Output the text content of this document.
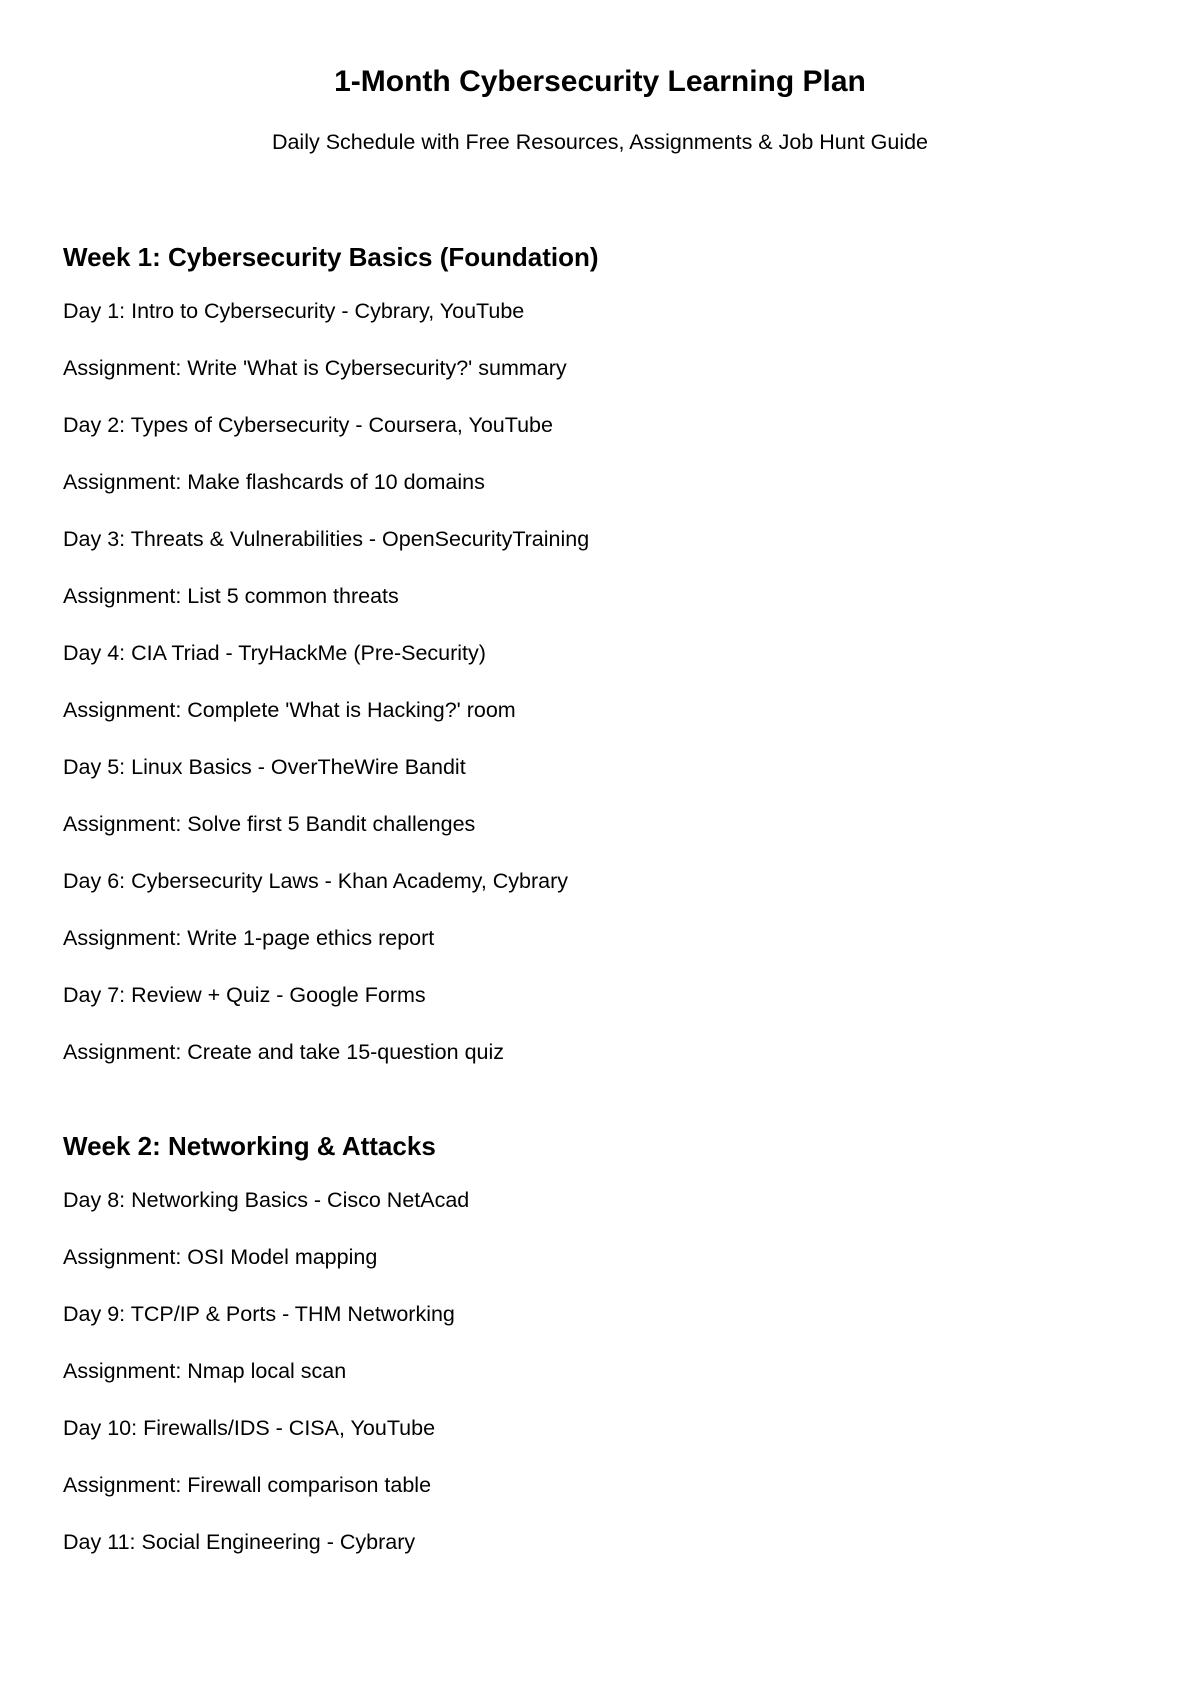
1-Month Cybersecurity Learning Plan

Daily Schedule with Free Resources, Assignments & Job Hunt Guide

Week 1: Cybersecurity Basics (Foundation)
Day 1: Intro to Cybersecurity - Cybrary, YouTube
Assignment: Write 'What is Cybersecurity?' summary
Day 2: Types of Cybersecurity - Coursera, YouTube
Assignment: Make flashcards of 10 domains
Day 3: Threats & Vulnerabilities - OpenSecurityTraining
Assignment: List 5 common threats
Day 4: CIA Triad - TryHackMe (Pre-Security)
Assignment: Complete 'What is Hacking?' room
Day 5: Linux Basics - OverTheWire Bandit
Assignment: Solve first 5 Bandit challenges
Day 6: Cybersecurity Laws - Khan Academy, Cybrary
Assignment: Write 1-page ethics report
Day 7: Review + Quiz - Google Forms
Assignment: Create and take 15-question quiz
Week 2: Networking & Attacks
Day 8: Networking Basics - Cisco NetAcad
Assignment: OSI Model mapping
Day 9: TCP/IP & Ports - THM Networking
Assignment: Nmap local scan
Day 10: Firewalls/IDS - CISA, YouTube
Assignment: Firewall comparison table
Day 11: Social Engineering - Cybrary
